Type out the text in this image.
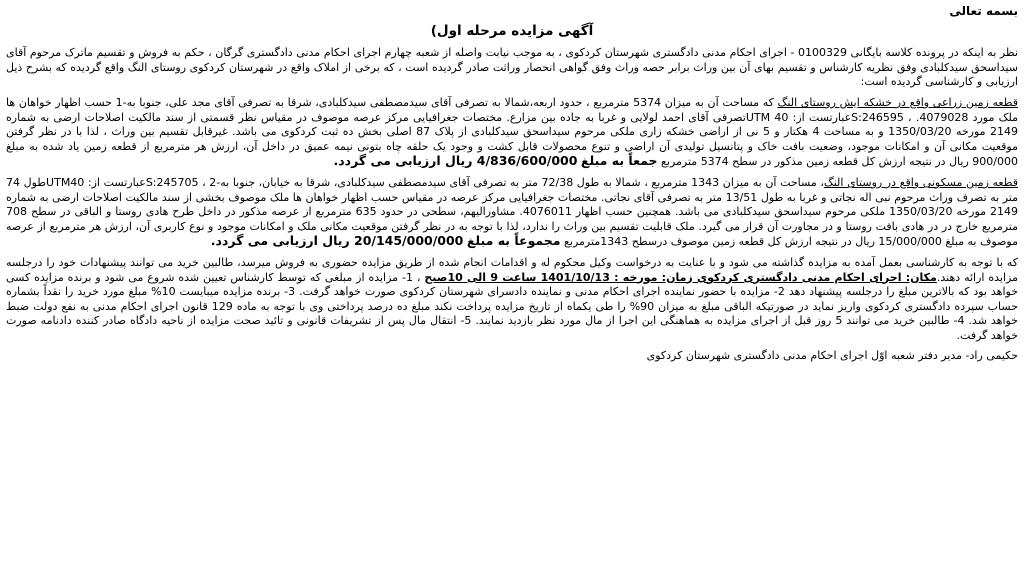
بسمه تعالی
آگهی مزایده مرحله اول)

نظر به اینکه در پرونده کلاسه بایگانی 0100329 - اجرای احکام مدنی دادگستری شهرستان کردکوی ، به موجب نیابت واصله از شعبه چهارم اجرای احکام مدنی دادگستری گرگان ، حکم به فروش و تقسیم ماترک مرحوم آقای سیداسحق سیدکلبادی وفق نظریه کارشناس و تقسیم بهای آن بین وراث برابر حصه وراث وفق گواهی انحصار وراثت صادر گردیده است ، که برخی از املاک واقع در شهرستان کردکوی روستای النگ واقع گردیده که بشرح ذیل ارزیابی و کارشناسی گردیده است:

قطعه زمین زراعی واقع در خشکه ایش روستای النگ که مساحت آن به میزان 5374 مترمربع ، حدود اربعه،شمالا به تصرفی آقای سیدمصطفی سیدکلبادی، شرقا به تصرفی آقای مجد علی، جنوبا به-1 حسب اظهار خواهان ها ملک مورد 4079028. ، S:246595عبارتست از: UTM 40تصرفی آقای احمد لولایی و غربا به جاده بین مزارع. مختصات جغرافیایی مرکز عرصه موصوف در مقیاس نظر قسمتی از سند مالکیت اصلاحات ارضی به شماره 2149 مورخه 1350/03/20 و به مساحت 4 هکتار و 5 نی از اراضی خشکه زاری ملکی مرحوم سیداسحق سیدکلبادی از پلاک 87 اصلی بخش ده ثبت کردکوی می باشد. غیرقابل تقسیم بین وراث ، لذا با در نظر گرفتن موقعیت مکانی آن و امکانات موجود، وضعیت بافت خاک و پتانسیل تولیدی آن اراضی و تنوع محصولات قابل کشت و وجود یک حلقه چاه بتونی نیمه عمیق در داخل آن، ارزش هر مترمربع از قطعه زمین یاد شده به مبلغ 900/000 ریال در نتیجه ارزش کل قطعه زمین مذکور در سطح 5374 مترمربع جمعاً به مبلغ 4/836/600/000 ریال ارزیابی می گردد.

قطعه زمین مسکونی واقع در روستای النگ، مساحت آن به میزان 1343 مترمربع ، شمالا به طول 72/38 متر به تصرفی آقای سیدمصطفی سیدکلبادی، شرقا به خیابان، جنوبا به-2 ، S:245705عبارتست از: UTM40طول 74 متر به تصرف وراث مرحوم نبی اله نجاتی و غربا به طول 13/51 متر به تصرفی آقای نجاتی. مختصات جغرافیایی مرکز عرصه در مقیاس حسب اظهار خواهان ها ملک موصوف بخشی از سند مالکیت اصلاحات ارضی به شماره 2149 مورخه 1350/03/20 ملکی مرحوم سیداسحق سیدکلبادی می باشد. همچنین حسب اظهار 4076011. مشاورالیهم، سطحی در حدود 635 مترمربع از عرصه مذکور در داخل طرح هادی روستا و الباقی در سطح 708 مترمربع خارج در در هادی بافت روستا و در مجاورت آن قرار می گیرد. ملک قابلیت تقسیم بین وراث را ندارد، لذا با توجه به در نظر گرفتن موقعیت مکانی ملک و امکانات موجود و نوع کاربری آن، ارزش هر مترمربع از عرصه موصوف به مبلغ 15/000/000 ریال در نتیجه ارزش کل قطعه زمین موصوف درسطح 1343مترمربع مجموعاً به مبلغ 20/145/000/000 ریال ارزیابی می گردد.

که با توجه به کارشناسی بعمل آمده به مزایده گذاشته می شود و با عنایت به درخواست وکیل محکوم له و اقدامات انجام شده از طریق مزایده حضوری به فروش میرسد، طالبین خرید می توانند پیشنهادات خود را درجلسه مزایده ارائه دهند.مکان: اجرای احکام مدنی دادگستری کردکوی زمان: مورخه : 1401/10/13 ساعت 9 الی 10صبح ، 1- مزایده از مبلغی که توسط کارشناس تعیین شده شروع می شود و برنده مزایده کسی خواهد بود که بالاترین مبلغ را درجلسه پیشنهاد دهد 2- مزایده با حضور نماینده اجرای احکام مدنی و نماینده دادسرای شهرستان کردکوی صورت خواهد گرفت. 3- برنده مزایده میبایست 10% مبلغ مورد خرید را نقداً بشماره حساب سپرده دادگستری کردکوی واریز نماید در صورتیکه الباقی مبلغ به میزان 90% را طی یکماه از تاریخ مزایده پرداخت نکند مبلغ ده درصد پرداختی وی با توجه به ماده 129 قانون اجرای احکام مدنی به نفع دولت ضبط خواهد شد. 4- طالبین خرید می توانند 5 روز قبل از اجرای مزایده به هماهنگی این اجرا از مال مورد نظر بازدید نمایند. 5- انتقال مال پس از تشریفات قانونی و تائید صحت مزایده از ناحیه دادگاه صادر کننده دادنامه صورت خواهد گرفت.

حکیمی راد- مدیر دفتر شعبه اوّل اجرای احکام مدنی دادگستری شهرستان کردکوی
